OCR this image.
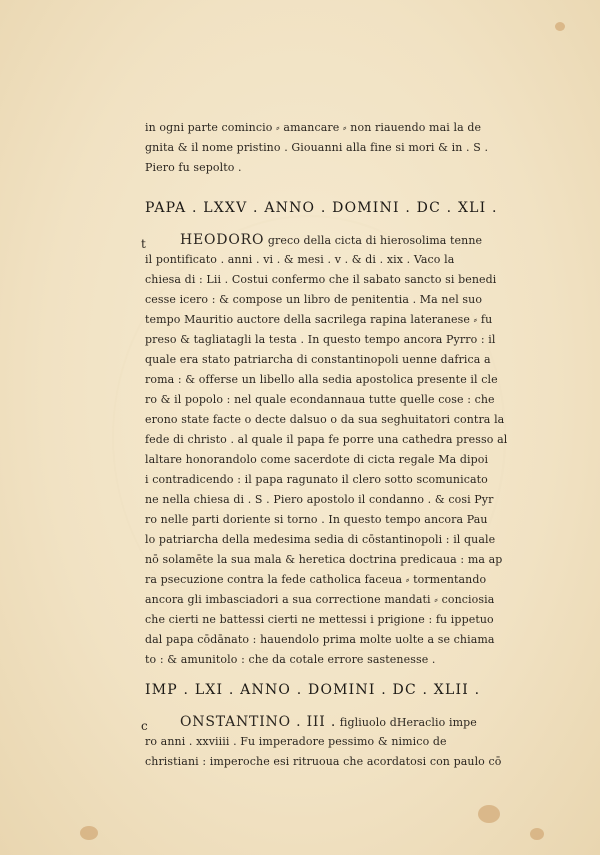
in ogni parte comincio ⸗ amancare ⸗ non riauendo mai la de
gnita & il nome pristino . Giouanni alla fine si mori & in . S .
Piero fu sepolto .
PAPA . LXXV . ANNO . DOMINI . DC . XLI .
t	HEODORO greco della cicta di hierosolima tenne
il pontificato . anni . vi . & mesi . v . & di . xix . Vaco la
chiesa di : Lii . Costui confermo che il sabato sancto si benedi
cesse icero : & compose un libro de penitentia . Ma nel suo
tempo Mauritio auctore della sacrilega rapina lateranese ⸗ fu
preso & tagliatagli la testa . In questo tempo ancora Pyrro : il
quale era stato patriarcha di constantinopoli uenne dafrica a
roma : & offerse un libello alla sedia apostolica presente il cle
ro & il popolo : nel quale econdannaua tutte quelle cose : che
erono state facte o decte dalsuo o da sua seghuitatori contra la
fede di christo . al quale il papa fe porre una cathedra presso al
laltare honorandolo come sacerdote di cicta regale Ma dipoi
i contradicendo : il papa ragunato il clero sotto scomunicato
ne nella chiesa di . S . Piero apostolo il condanno . & cosi Pyr
ro nelle parti doriente si torno . In questo tempo ancora Pau
lo patriarcha della medesima sedia di cōstantinopoli : il quale
nō solamēte la sua mala & heretica doctrina predicaua : ma ap
ra psecuzione contra la fede catholica faceua ⸗ tormentando
ancora gli imbasciadori a sua correctione mandati ⸗ conciosia
che cierti ne battessi cierti ne mettessi i prigione : fu ippetuo
dal papa cōdānato : hauendolo prima molte uolte a se chiama
to : & amunitolo : che da cotale errore sastenesse .
IMP . LXI . ANNO . DOMINI . DC . XLII .
c	ONSTANTINO . III . figliuolo dHeraclio impe
ro anni . xxviiii . Fu imperadore pessimo & nimico de
christiani : imperoche esi ritruoua che acordatosi con paulo cō
